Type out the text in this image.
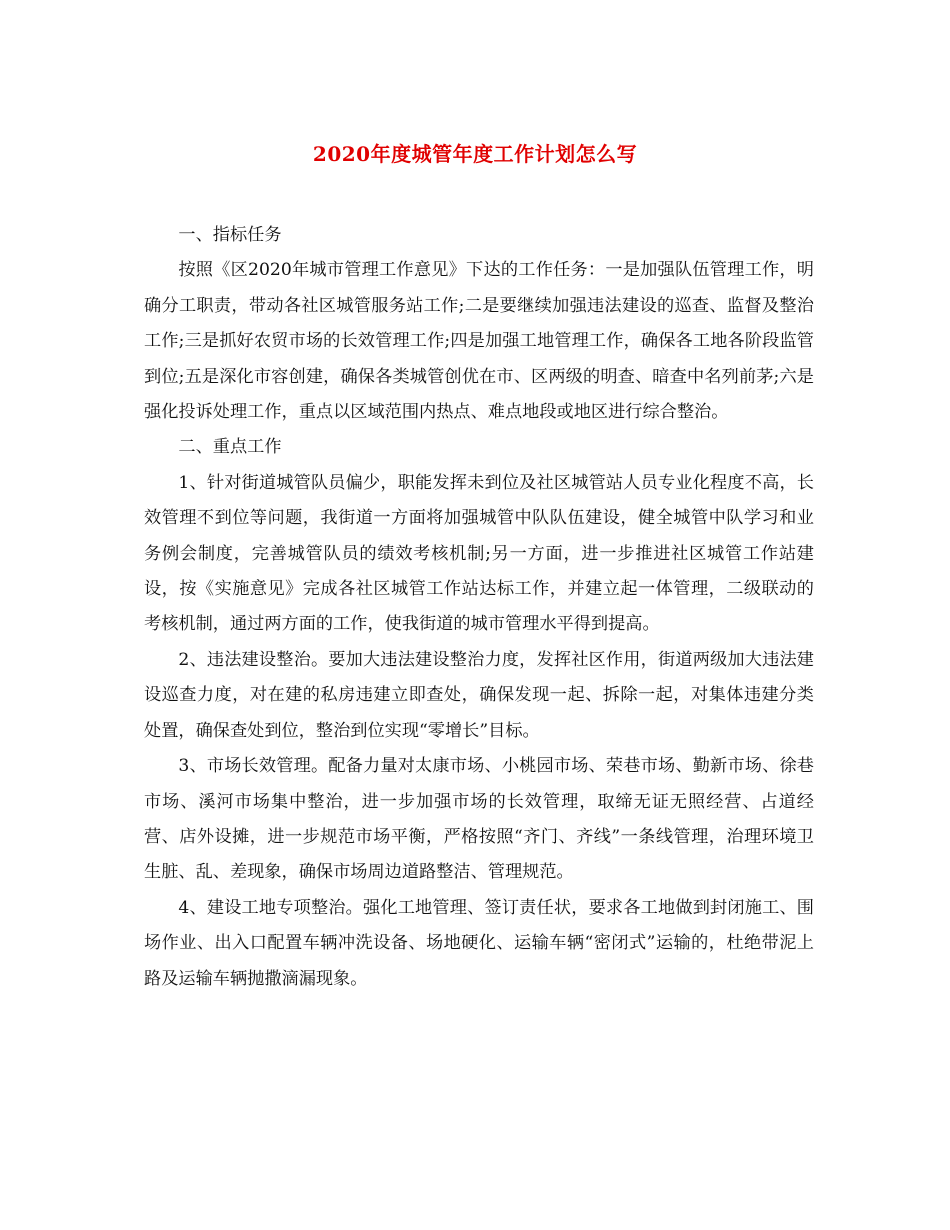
2020年度城管年度工作计划怎么写

一、指标任务

按照《区2020年城市管理工作意见》下达的工作任务：一是加强队伍管理工作，明确分工职责，带动各社区城管服务站工作;二是要继续加强违法建设的巡查、监督及整治工作;三是抓好农贸市场的长效管理工作;四是加强工地管理工作，确保各工地各阶段监管到位;五是深化市容创建，确保各类城管创优在市、区两级的明查、暗查中名列前茅;六是强化投诉处理工作，重点以区域范围内热点、难点地段或地区进行综合整治。

二、重点工作

1、针对街道城管队员偏少，职能发挥未到位及社区城管站人员专业化程度不高，长效管理不到位等问题，我街道一方面将加强城管中队队伍建设，健全城管中队学习和业务例会制度，完善城管队员的绩效考核机制;另一方面，进一步推进社区城管工作站建设，按《实施意见》完成各社区城管工作站达标工作，并建立起一体管理，二级联动的考核机制，通过两方面的工作，使我街道的城市管理水平得到提高。

2、违法建设整治。要加大违法建设整治力度，发挥社区作用，街道两级加大违法建设巡查力度，对在建的私房违建立即查处，确保发现一起、拆除一起，对集体违建分类处置，确保查处到位，整治到位实现“零增长”目标。

3、市场长效管理。配备力量对太康市场、小桃园市场、荣巷市场、勤新市场、徐巷市场、溪河市场集中整治，进一步加强市场的长效管理，取缔无证无照经营、占道经营、店外设摊，进一步规范市场平衡，严格按照“齐门、齐线”一条线管理，治理环境卫生脏、乱、差现象，确保市场周边道路整洁、管理规范。

4、建设工地专项整治。强化工地管理、签订责任状，要求各工地做到封闭施工、围场作业、出入口配置车辆冲洗设备、场地硬化、运输车辆“密闭式”运输的，杜绝带泥上路及运输车辆抛撒滴漏现象。
